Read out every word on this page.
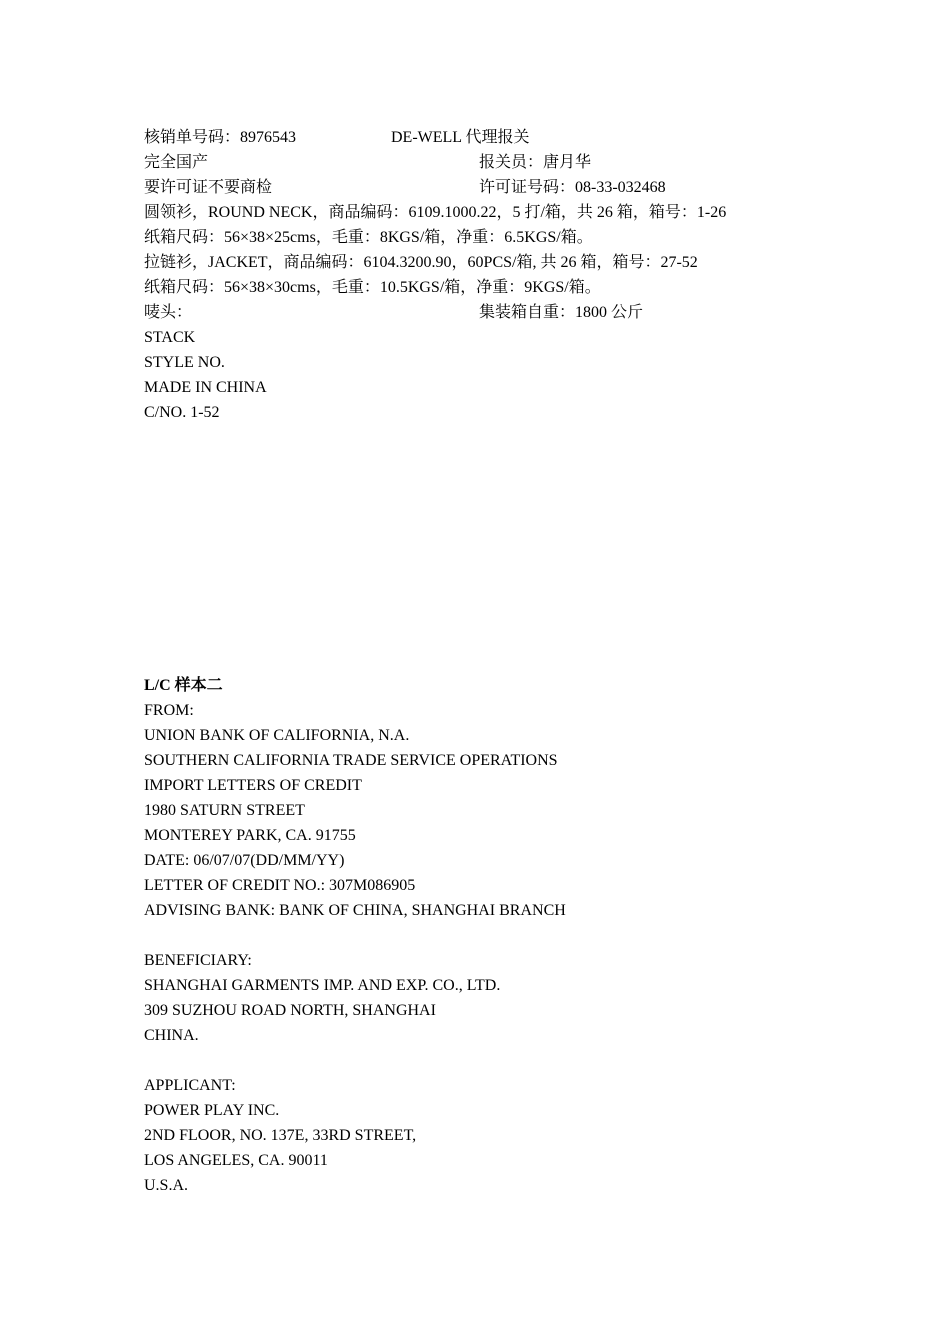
核销单号码：8976543	DE-WELL 代理报关
完全国产	报关员：唐月华
要许可证不要商检	许可证号码：08-33-032468
圆领衫，ROUND NECK，商品编码：6109.1000.22，5 打/箱，共 26 箱，箱号：1-26
纸箱尺码：56×38×25cms，毛重：8KGS/箱，净重：6.5KGS/箱。
拉链衫，JACKET，商品编码：6104.3200.90，60PCS/箱, 共 26 箱，箱号：27-52
纸箱尺码：56×38×30cms，毛重：10.5KGS/箱，净重：9KGS/箱。
唛头：	集装箱自重：1800 公斤
STACK
STYLE NO.
MADE IN CHINA
C/NO. 1-52
L/C 样本二
FROM:
UNION BANK OF CALIFORNIA, N.A.
SOUTHERN CALIFORNIA TRADE SERVICE OPERATIONS
IMPORT LETTERS OF CREDIT
1980 SATURN STREET
MONTEREY PARK, CA. 91755
DATE: 06/07/07(DD/MM/YY)
LETTER OF CREDIT NO.: 307M086905
ADVISING BANK: BANK OF CHINA, SHANGHAI BRANCH
BENEFICIARY:
SHANGHAI GARMENTS IMP. AND EXP. CO., LTD.
309 SUZHOU ROAD NORTH, SHANGHAI
CHINA.
APPLICANT:
POWER PLAY INC.
2ND FLOOR, NO. 137E, 33RD STREET,
LOS ANGELES, CA. 90011
U.S.A.
